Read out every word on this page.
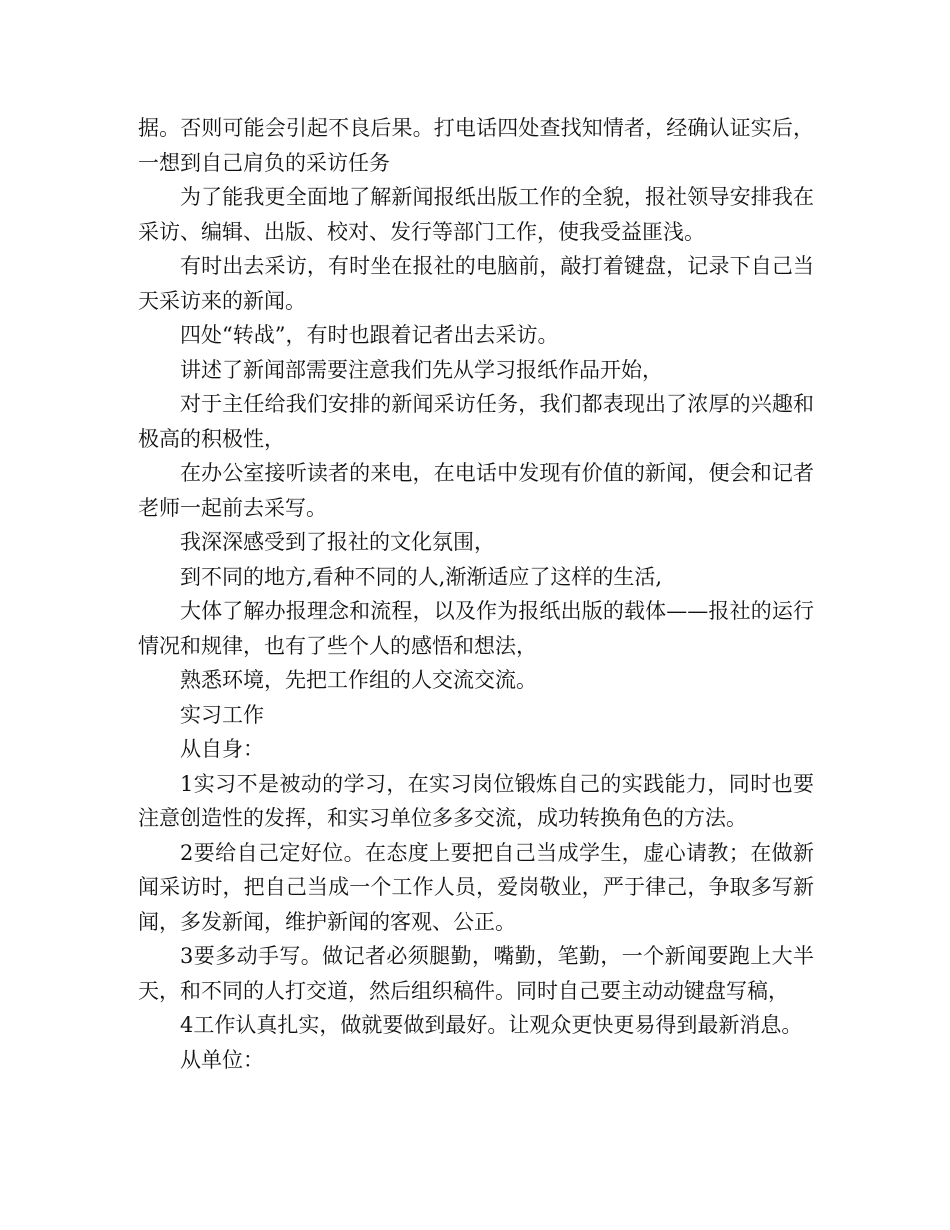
据。否则可能会引起不良后果。打电话四处查找知情者，经确认证实后，一想到自己肩负的采访任务

为了能我更全面地了解新闻报纸出版工作的全貌，报社领导安排我在采访、编辑、出版、校对、发行等部门工作，使我受益匪浅。

有时出去采访，有时坐在报社的电脑前，敲打着键盘，记录下自己当天采访来的新闻。

四处“转战”，有时也跟着记者出去采访。

讲述了新闻部需要注意我们先从学习报纸作品开始，

对于主任给我们安排的新闻采访任务，我们都表现出了浓厚的兴趣和极高的积极性，

在办公室接听读者的来电，在电话中发现有价值的新闻，便会和记者老师一起前去采写。

我深深感受到了报社的文化氛围，

到不同的地方,看种不同的人,渐渐适应了这样的生活,

大体了解办报理念和流程，以及作为报纸出版的载体——报社的运行情况和规律，也有了些个人的感悟和想法，

熟悉环境，先把工作组的人交流交流。

实习工作

从自身：

1实习不是被动的学习，在实习岗位锻炼自己的实践能力，同时也要注意创造性的发挥，和实习单位多多交流，成功转换角色的方法。

2要给自己定好位。在态度上要把自己当成学生，虚心请教；在做新闻采访时，把自己当成一个工作人员，爱岗敬业，严于律己，争取多写新闻，多发新闻，维护新闻的客观、公正。

3要多动手写。做记者必须腿勤，嘴勤，笔勤，一个新闻要跑上大半天，和不同的人打交道，然后组织稿件。同时自己要主动动键盘写稿，

4工作认真扎实，做就要做到最好。让观众更快更易得到最新消息。

从单位：
